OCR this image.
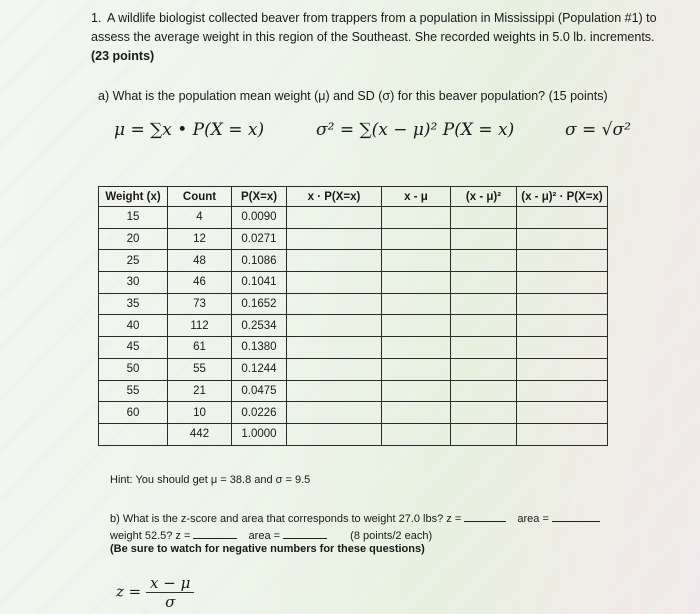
1. A wildlife biologist collected beaver from trappers from a population in Mississippi (Population #1) to
assess the average weight in this region of the Southeast. She recorded weights in 5.0 lb. increments.
(23 points)
a) What is the population mean weight (μ) and SD (σ) for this beaver population? (15 points)
μ = ∑x • P(X = x)	σ² = ∑(x − μ)² P(X = x)	σ = √σ²
Weight (x)	Count	P(X=x)	x · P(X=x)	x - μ	(x - μ)²	(x - μ)² · P(X=x)
15	4	0.0090				
20	12	0.0271				
25	48	0.1086				
30	46	0.1041				
35	73	0.1652				
40	112	0.2534				
45	61	0.1380				
50	55	0.1244				
55	21	0.0475				
60	10	0.0226				
	442	1.0000				
Hint: You should get μ = 38.8 and σ = 9.5
b) What is the z-score and area that corresponds to weight 27.0 lbs? z =	area =
weight 52.5? z =	area =	(8 points/2 each)
(Be sure to watch for negative numbers for these questions)
$z = \frac{x - \mu}{\sigma}$
